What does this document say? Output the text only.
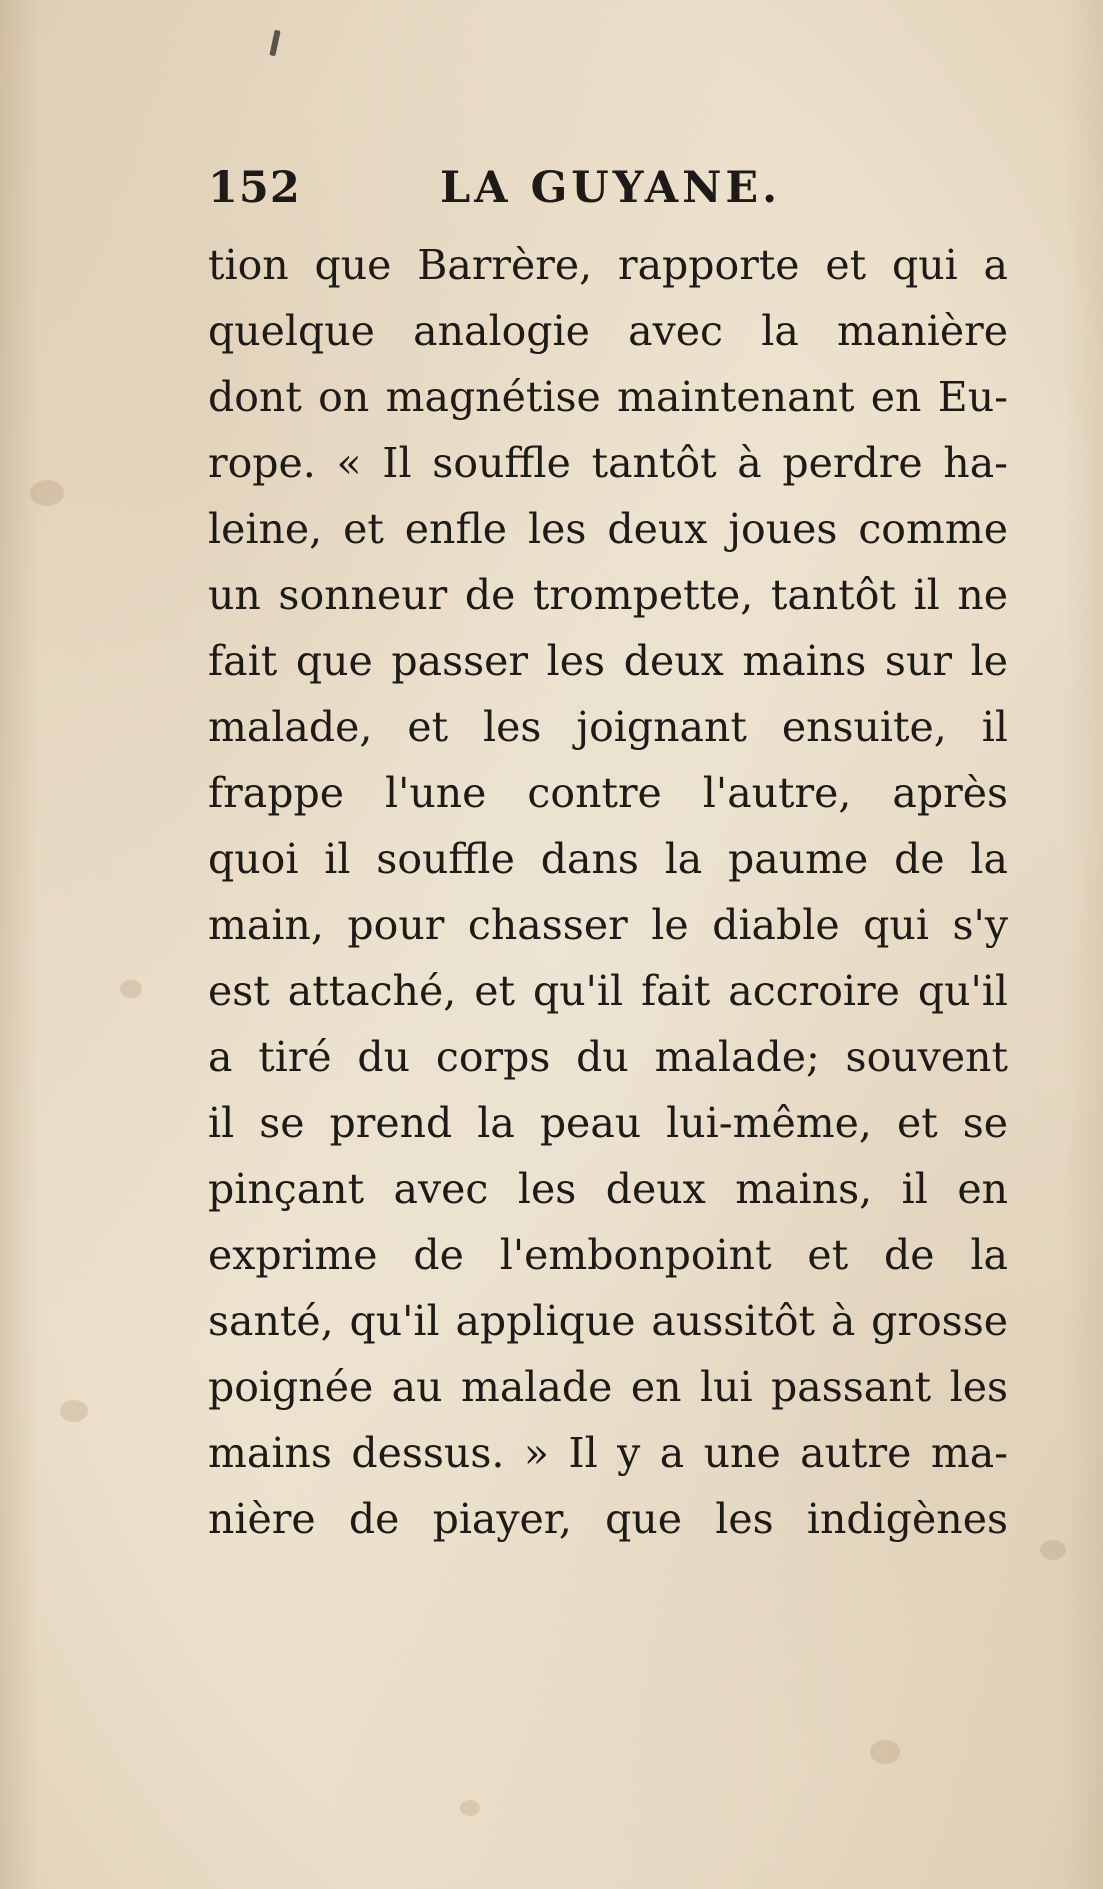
152	LA GUYANE.
tion que Barrère, rapporte et qui a
quelque analogie avec la manière
dont on magnétise maintenant en Eu-
rope. « Il souffle tantôt à perdre ha-
leine, et enfle les deux joues comme
un sonneur de trompette, tantôt il ne
fait que passer les deux mains sur le
malade, et les joignant ensuite, il
frappe l'une contre l'autre, après
quoi il souffle dans la paume de la
main, pour chasser le diable qui s'y
est attaché, et qu'il fait accroire qu'il
a tiré du corps du malade; souvent
il se prend la peau lui-même, et se
pinçant avec les deux mains, il en
exprime de l'embonpoint et de la
santé, qu'il applique aussitôt à grosse
poignée au malade en lui passant les
mains dessus. » Il y a une autre ma-
nière de piayer, que les indigènes
